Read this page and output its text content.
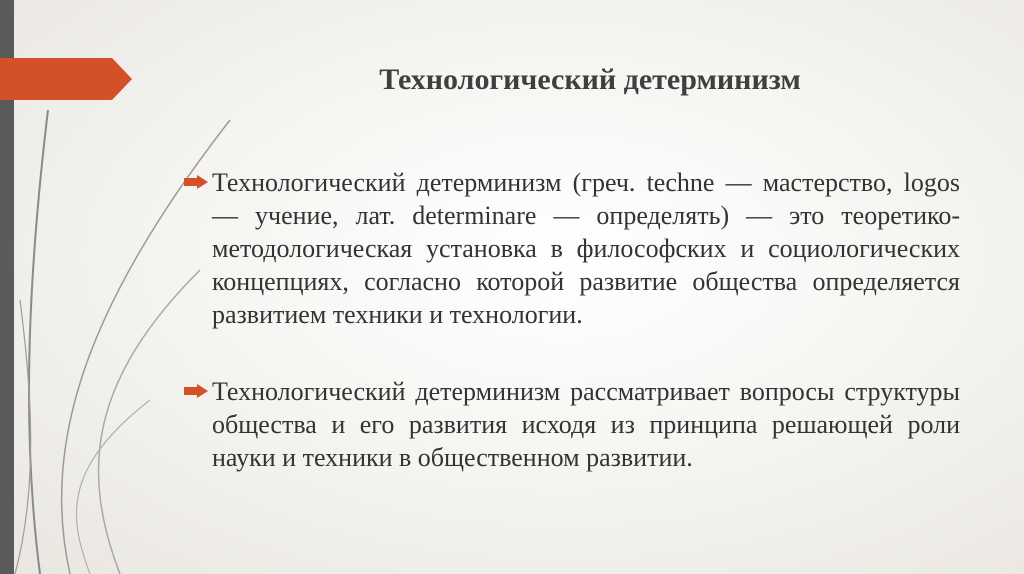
Технологический детерминизм

Технологический детерминизм (греч. techne — мастерство, logos — учение, лат. determinare — определять) — это теоретико-методологическая установка в философских и социологических концепциях, согласно которой развитие общества определяется развитием техники и технологии.

Технологический детерминизм рассматривает вопросы структуры общества и его развития исходя из принципа решающей роли науки и техники в общественном развитии.
